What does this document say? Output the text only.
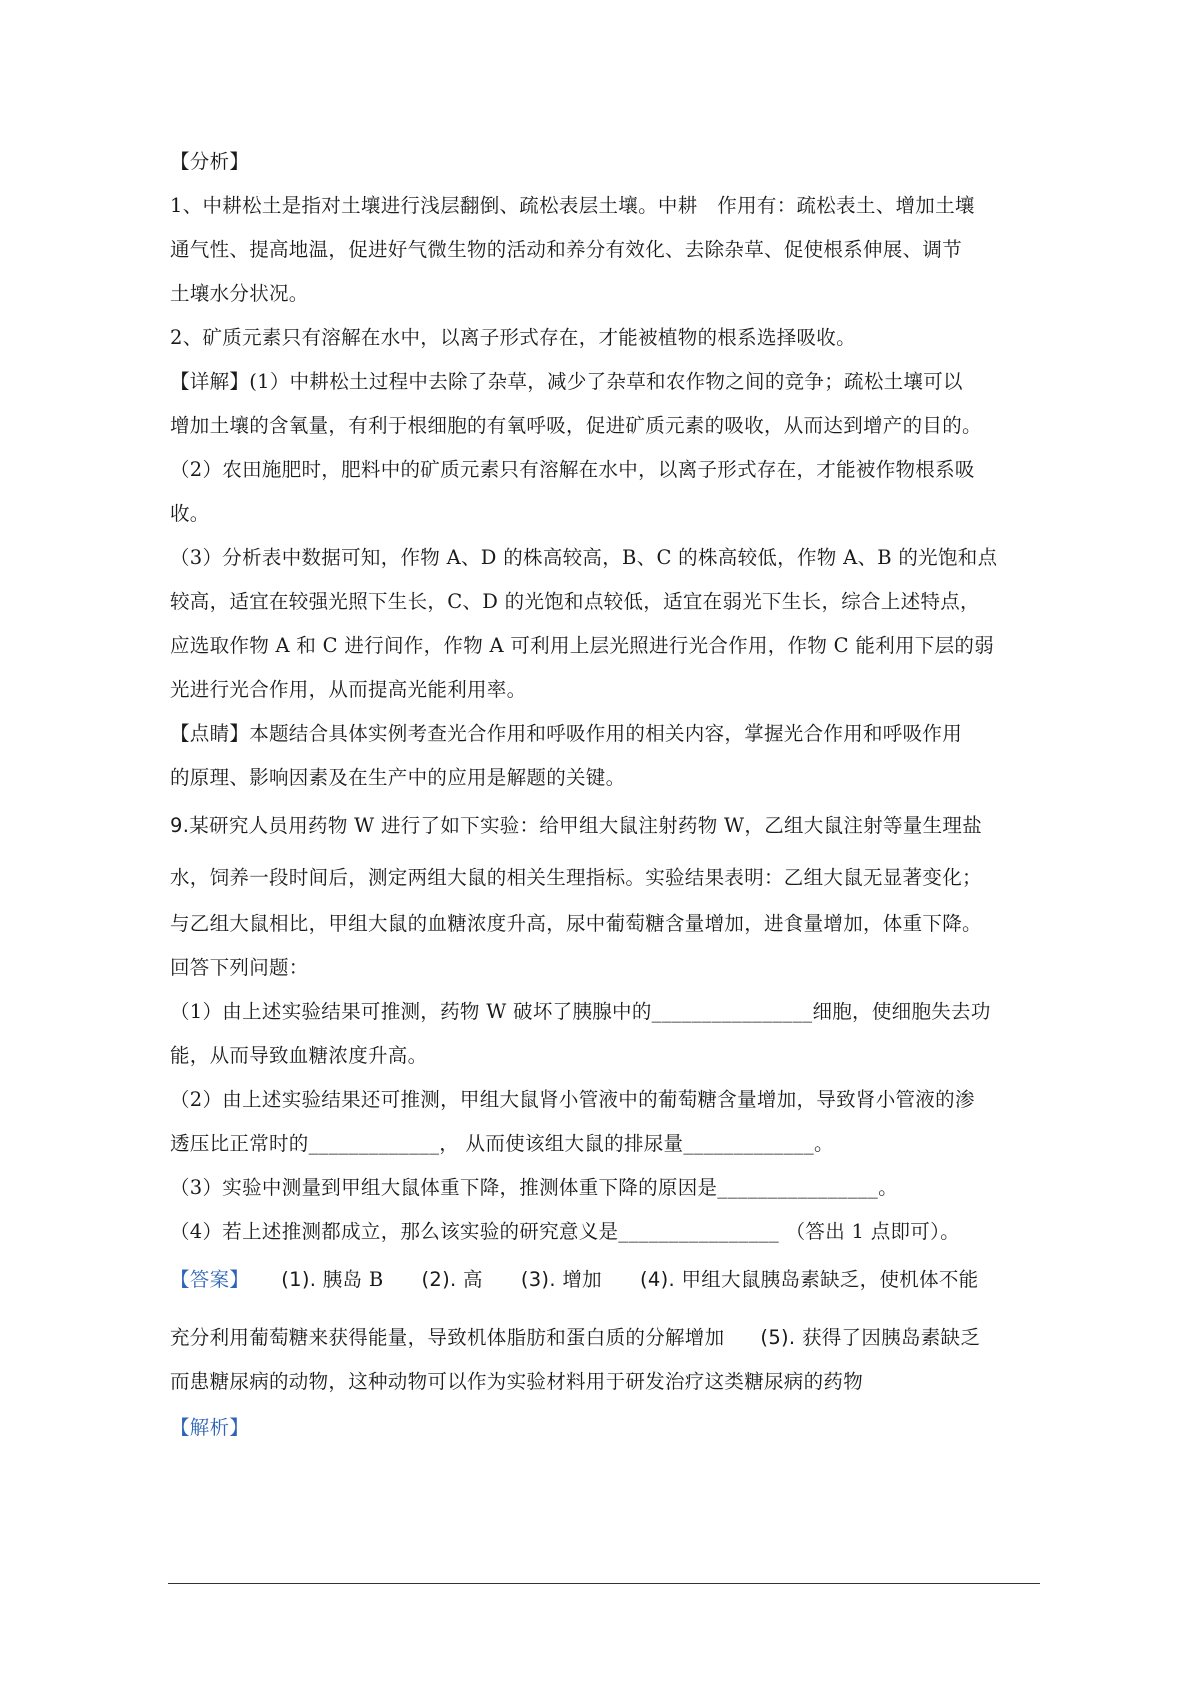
【分析】
1、中耕松土是指对土壤进行浅层翻倒、疏松表层土壤。中耕　作用有：疏松表土、增加土壤
通气性、提高地温，促进好气微生物的活动和养分有效化、去除杂草、促使根系伸展、调节
土壤水分状况。
2、矿质元素只有溶解在水中，以离子形式存在，才能被植物的根系选择吸收。
【详解】(1）中耕松土过程中去除了杂草，减少了杂草和农作物之间的竞争；疏松土壤可以
增加土壤的含氧量，有利于根细胞的有氧呼吸，促进矿质元素的吸收，从而达到增产的目的。
（2）农田施肥时，肥料中的矿质元素只有溶解在水中，以离子形式存在，才能被作物根系吸
收。
（3）分析表中数据可知，作物 A、D 的株高较高，B、C 的株高较低，作物 A、B 的光饱和点
较高，适宜在较强光照下生长，C、D 的光饱和点较低，适宜在弱光下生长，综合上述特点，
应选取作物 A 和 C 进行间作，作物 A 可利用上层光照进行光合作用，作物 C 能利用下层的弱
光进行光合作用，从而提高光能利用率。
【点睛】本题结合具体实例考查光合作用和呼吸作用的相关内容，掌握光合作用和呼吸作用
的原理、影响因素及在生产中的应用是解题的关键。
9.某研究人员用药物 W 进行了如下实验：给甲组大鼠注射药物 W，乙组大鼠注射等量生理盐
水，饲养一段时间后，测定两组大鼠的相关生理指标。实验结果表明：乙组大鼠无显著变化；
与乙组大鼠相比，甲组大鼠的血糖浓度升高，尿中葡萄糖含量增加，进食量增加，体重下降。
回答下列问题：
（1）由上述实验结果可推测，药物 W 破坏了胰腺中的________________细胞，使细胞失去功
能，从而导致血糖浓度升高。
（2）由上述实验结果还可推测，甲组大鼠肾小管液中的葡萄糖含量增加，导致肾小管液的渗
透压比正常时的_____________， 从而使该组大鼠的排尿量_____________。
（3）实验中测量到甲组大鼠体重下降，推测体重下降的原因是________________。
（4）若上述推测都成立，那么该实验的研究意义是________________ （答出 1 点即可）。
【答案】 (1). 胰岛 B (2). 高 (3). 增加 (4). 甲组大鼠胰岛素缺乏，使机体不能
充分利用葡萄糖来获得能量，导致机体脂肪和蛋白质的分解增加 (5). 获得了因胰岛素缺乏
而患糖尿病的动物，这种动物可以作为实验材料用于研发治疗这类糖尿病的药物
【解析】
